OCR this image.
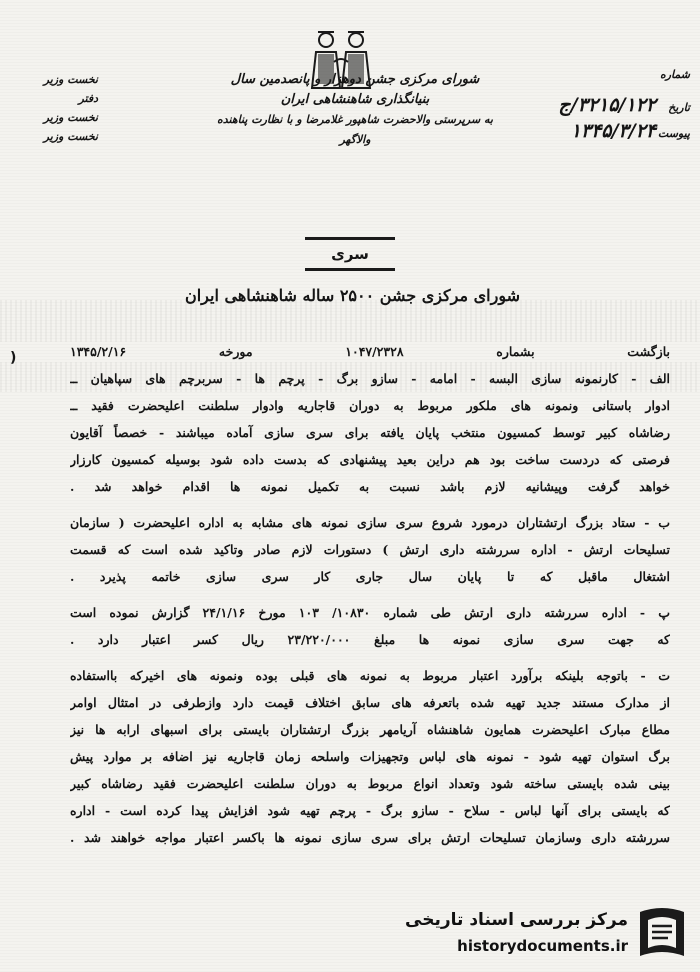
نخست وزیر
دفتر
نخست وزیر
نخست وزیر
شورای مرکزی جشن دوهزار و پانصدمین سال بنیانگذاری شاهنشاهی ایران
به سرپرستی والاحضرت شاهپور غلامرضا و با نظارت پناهنده والاگهر
شماره
تاریخ
۳۲۱۵/۱۲۲/ج
پیوست
۱۳۴۵/۳/۲۴
سری
شورای مرکزی جشن ۲۵۰۰ ساله شاهنشاهی ایران
)	بازگشت بشماره ۱۰۴۷/۲۳۲۸ مورخه ۱۳۴۵/۲/۱۶
الف - کارنمونه سازی البسه - امامه - سازو برگ - پرچم ها - سربرچم های سپاهیان ــ
ادوار باستانی ونمونه های ملکور مربوط به دوران قاجاریه وادوار سلطنت اعلیحضرت فقید ــ
رضاشاه کبیر توسط کمسیون منتخب پایان یافته برای سری سازی آماده میباشند - خصصاً آقایون
فرصتی که دردست ساخت بود هم دراین بعید پیشنهادی که بدست داده شود بوسیله کمسیون کارزار
خواهد گرفت وپیشانیه لازم باشد نسبت به تکمیل نمونه ها اقدام خواهد شد .
ب - ستاد بزرگ ارتشتاران درمورد شروع سری سازی نمونه های مشابه به اداره اعلیحضرت ( سازمان
تسلیحات ارتش - اداره سررشته داری ارتش ) دستورات لازم صادر وتاکید شده است که قسمت
اشتغال ماقبل که تا پایان سال جاری کار سری سازی خاتمه پذیرد .
پ - اداره سررشته داری ارتش طی شماره ۱۰۸۳۰/ ۱۰۳ مورخ ۲۴/۱/۱۶ گزارش نموده است
که جهت سری سازی نمونه ها مبلغ ۲۳/۲۲۰/۰۰۰ ریال کسر اعتبار دارد .
ت - باتوجه بلینکه برآورد اعتبار مربوط به نمونه های قبلی بوده ونمونه های اخیرکه بااستفاده
از مدارک مستند جدید تهیه شده باتعرفه های سابق اختلاف قیمت دارد وازطرفی در امتثال اوامر
مطاع مبارک اعلیحضرت همایون شاهنشاه آریامهر بزرگ ارتشتاران بایستی برای اسبهای ارابه ها نیز
برگ استوان تهیه شود - نمونه های لباس وتجهیزات واسلحه زمان قاجاریه نیز اضافه بر موارد پیش
بینی شده بایستی ساخته شود وتعداد انواع مربوط به دوران سلطنت اعلیحضرت فقید رضاشاه کبیر
که بایستی برای آنها لباس - سلاح - سازو برگ - پرچم تهیه شود افزایش پیدا کرده است - اداره
سررشته داری وسازمان تسلیحات ارتش برای سری سازی نمونه ها باکسر اعتبار مواجه خواهند شد .
مرکز بررسی اسناد تاریخی
historydocuments.ir
